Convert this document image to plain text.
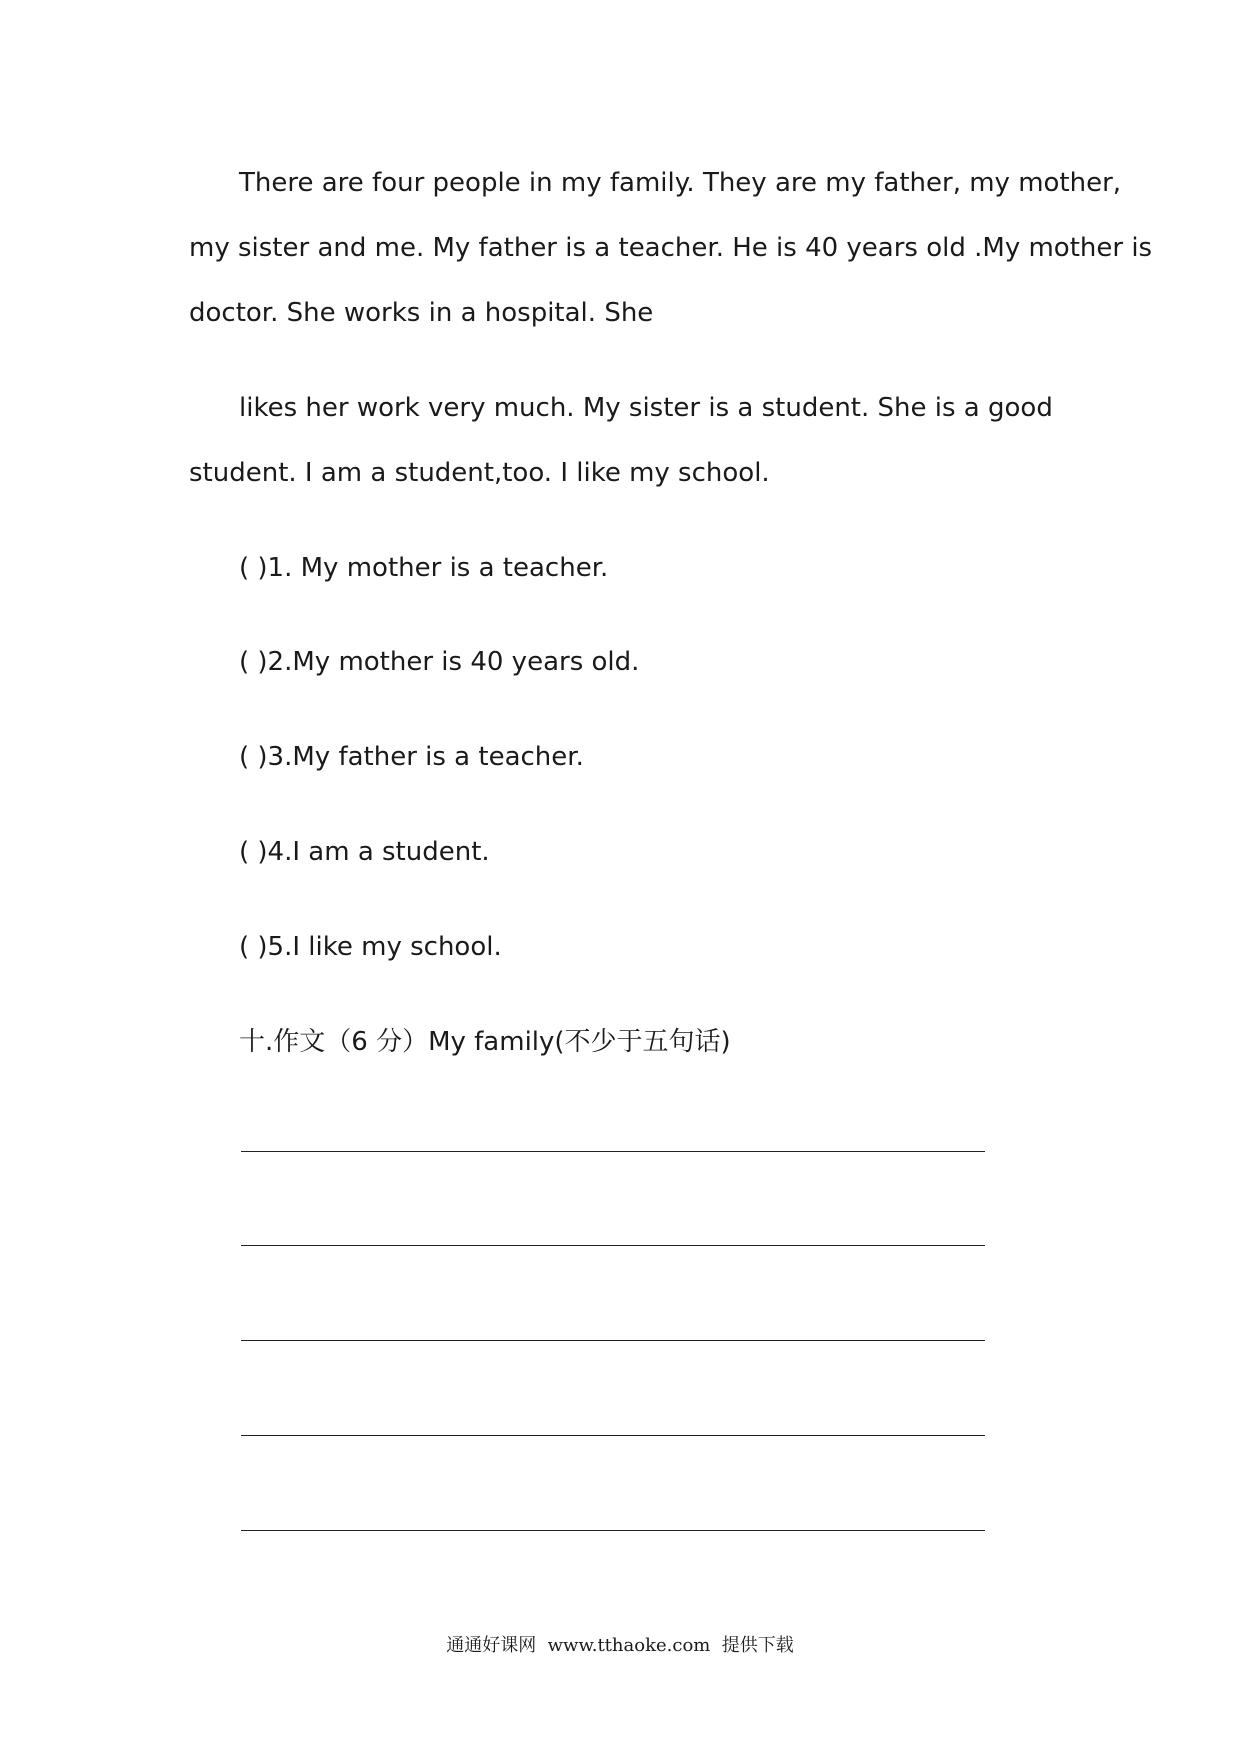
There are four people in my family. They are my father, my mother,

my sister and me. My father is a teacher. He is 40 years old .My mother is

doctor. She works in a hospital. She

likes her work very much. My sister is a student. She is a good

student. I am a student,too. I like my school.

( )1. My mother is a teacher.

( )2.My mother is 40 years old.

( )3.My father is a teacher.

( )4.I am a student.

( )5.I like my school.

十.作文（6 分）My family(不少于五句话)
通通好课网  www.tthaoke.com  提供下载
